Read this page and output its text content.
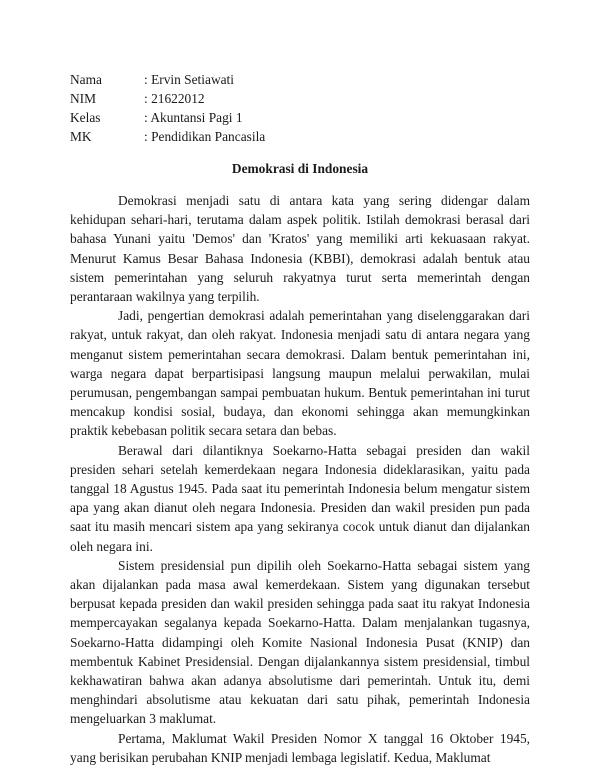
Nama	: Ervin Setiawati
NIM	: 21622012
Kelas	: Akuntansi Pagi 1
MK	: Pendidikan Pancasila
Demokrasi di Indonesia

Demokrasi menjadi satu di antara kata yang sering didengar dalam kehidupan sehari-hari, terutama dalam aspek politik. Istilah demokrasi berasal dari bahasa Yunani yaitu 'Demos' dan 'Kratos' yang memiliki arti kekuasaan rakyat. Menurut Kamus Besar Bahasa Indonesia (KBBI), demokrasi adalah bentuk atau sistem pemerintahan yang seluruh rakyatnya turut serta memerintah dengan perantaraan wakilnya yang terpilih.

Jadi, pengertian demokrasi adalah pemerintahan yang diselenggarakan dari rakyat, untuk rakyat, dan oleh rakyat. Indonesia menjadi satu di antara negara yang menganut sistem pemerintahan secara demokrasi. Dalam bentuk pemerintahan ini, warga negara dapat berpartisipasi langsung maupun melalui perwakilan, mulai perumusan, pengembangan sampai pembuatan hukum. Bentuk pemerintahan ini turut mencakup kondisi sosial, budaya, dan ekonomi sehingga akan memungkinkan praktik kebebasan politik secara setara dan bebas.

Berawal dari dilantiknya Soekarno-Hatta sebagai presiden dan wakil presiden sehari setelah kemerdekaan negara Indonesia dideklarasikan, yaitu pada tanggal 18 Agustus 1945. Pada saat itu pemerintah Indonesia belum mengatur sistem apa yang akan dianut oleh negara Indonesia. Presiden dan wakil presiden pun pada saat itu masih mencari sistem apa yang sekiranya cocok untuk dianut dan dijalankan oleh negara ini.

Sistem presidensial pun dipilih oleh Soekarno-Hatta sebagai sistem yang akan dijalankan pada masa awal kemerdekaan. Sistem yang digunakan tersebut berpusat kepada presiden dan wakil presiden sehingga pada saat itu rakyat Indonesia mempercayakan segalanya kepada Soekarno-Hatta. Dalam menjalankan tugasnya, Soekarno-Hatta didampingi oleh Komite Nasional Indonesia Pusat (KNIP) dan membentuk Kabinet Presidensial. Dengan dijalankannya sistem presidensial, timbul kekhawatiran bahwa akan adanya absolutisme dari pemerintah. Untuk itu, demi menghindari absolutisme atau kekuatan dari satu pihak, pemerintah Indonesia mengeluarkan 3 maklumat.

Pertama, Maklumat Wakil Presiden Nomor X tanggal 16 Oktober 1945, yang berisikan perubahan KNIP menjadi lembaga legislatif. Kedua, Maklumat
